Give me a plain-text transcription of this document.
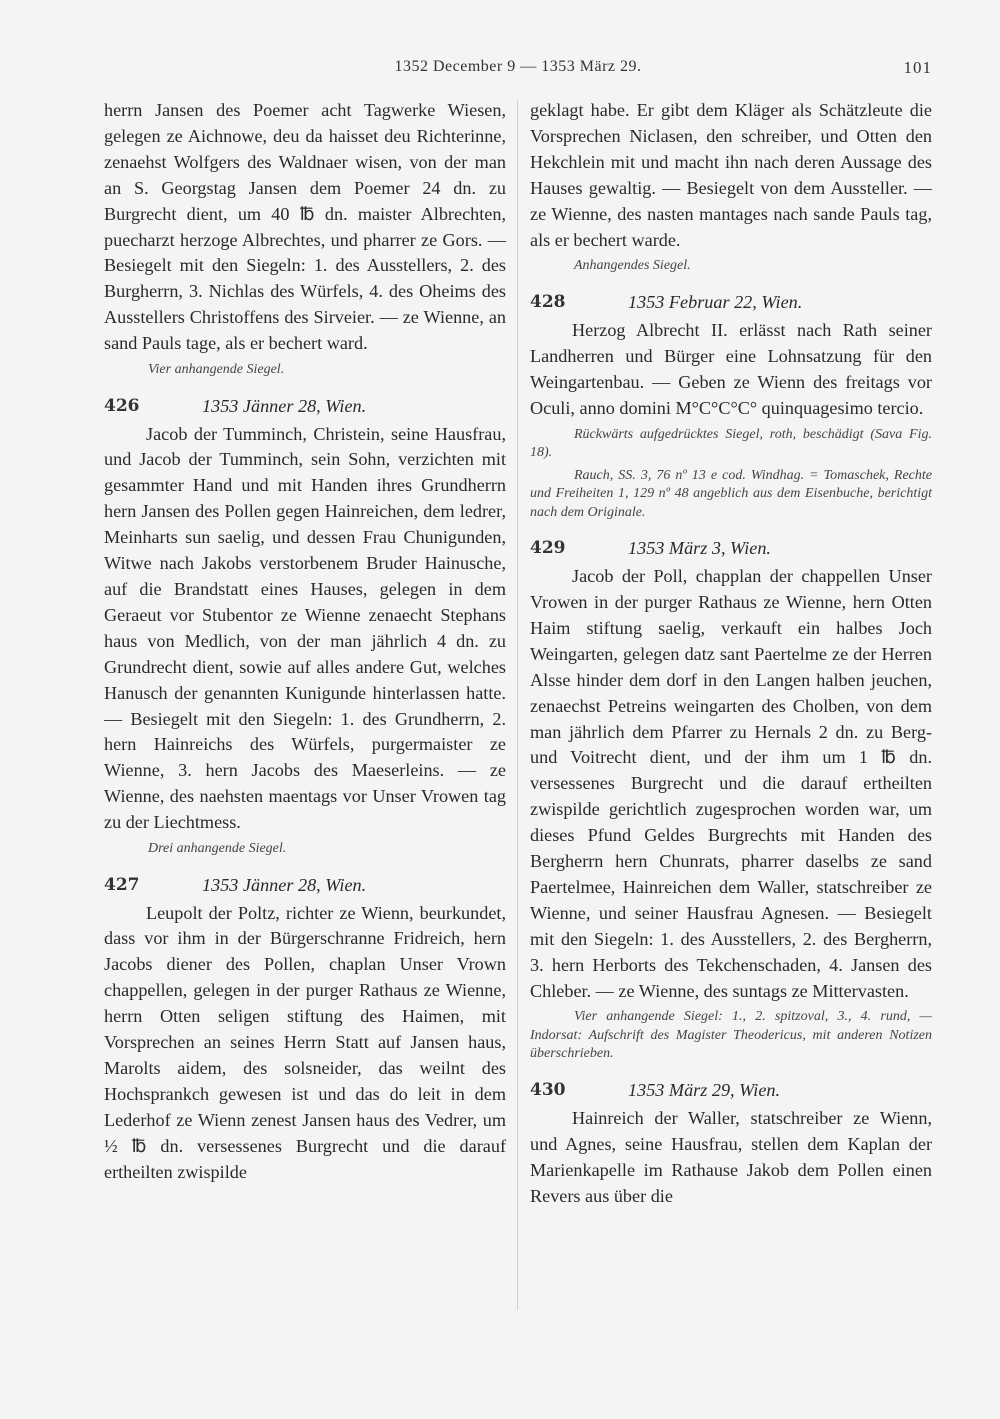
1352 December 9 — 1353 März 29.	101

herrn Jansen des Poemer acht Tagwerke Wiesen, gelegen ze Aichnowe, deu da haisset deu Richterinne, zenaehst Wolfgers des Waldnaer wisen, von der man an S. Georgstag Jansen dem Poemer 24 dn. zu Burgrecht dient, um 40 ℔ dn. maister Albrechten, puecharzt herzoge Albrechtes, und pharrer ze Gors. — Besiegelt mit den Siegeln: 1. des Ausstellers, 2. des Burgherrn, 3. Nichlas des Würfels, 4. des Oheims des Ausstellers Christoffens des Sirveier. — ze Wienne, an sand Pauls tage, als er bechert ward.

Vier anhangende Siegel.

426	1353 Jänner 28, Wien.

Jacob der Tumminch, Christein, seine Hausfrau, und Jacob der Tumminch, sein Sohn, verzichten mit gesammter Hand und mit Handen ihres Grundherrn hern Jansen des Pollen gegen Hainreichen, dem ledrer, Meinharts sun saelig, und dessen Frau Chunigunden, Witwe nach Jakobs verstorbenem Bruder Hainusche, auf die Brandstatt eines Hauses, gelegen in dem Geraeut vor Stubentor ze Wienne zenaecht Stephans haus von Medlich, von der man jährlich 4 dn. zu Grundrecht dient, sowie auf alles andere Gut, welches Hanusch der genannten Kunigunde hinterlassen hatte. — Besiegelt mit den Siegeln: 1. des Grundherrn, 2. hern Hainreichs des Würfels, purgermaister ze Wienne, 3. hern Jacobs des Maeserleins. — ze Wienne, des naehsten maentags vor Unser Vrowen tag zu der Liechtmess.

Drei anhangende Siegel.

427	1353 Jänner 28, Wien.

Leupolt der Poltz, richter ze Wienn, beurkundet, dass vor ihm in der Bürgerschranne Fridreich, hern Jacobs diener des Pollen, chaplan Unser Vrown chappellen, gelegen in der purger Rathaus ze Wienne, herrn Otten seligen stiftung des Haimen, mit Vorsprechen an seines Herrn Statt auf Jansen haus, Marolts aidem, des solsneider, das weilnt des Hochsprankch gewesen ist und das do leit in dem Lederhof ze Wienn zenest Jansen haus des Vedrer, um ½ ℔ dn. versessenes Burgrecht und die darauf ertheilten zwispilde

geklagt habe. Er gibt dem Kläger als Schätzleute die Vorsprechen Niclasen, den schreiber, und Otten den Hekchlein mit und macht ihn nach deren Aussage des Hauses gewaltig. — Besiegelt von dem Aussteller. — ze Wienne, des nasten mantages nach sande Pauls tag, als er bechert warde.

Anhangendes Siegel.

428	1353 Februar 22, Wien.

Herzog Albrecht II. erlässt nach Rath seiner Landherren und Bürger eine Lohnsatzung für den Weingartenbau. — Geben ze Wienn des freitags vor Oculi, anno domini M°C°C°C° quinquagesimo tercio.

Rückwärts aufgedrücktes Siegel, roth, beschädigt (Sava Fig. 18).

Rauch, SS. 3, 76 nº 13 e cod. Windhag. = Tomaschek, Rechte und Freiheiten 1, 129 nº 48 angeblich aus dem Eisenbuche, berichtigt nach dem Originale.

429	1353 März 3, Wien.

Jacob der Poll, chapplan der chappellen Unser Vrowen in der purger Rathaus ze Wienne, hern Otten Haim stiftung saelig, verkauft ein halbes Joch Weingarten, gelegen datz sant Paertelme ze der Herren Alsse hinder dem dorf in den Langen halben jeuchen, zenaechst Petreins weingarten des Cholben, von dem man jährlich dem Pfarrer zu Hernals 2 dn. zu Berg- und Voitrecht dient, und der ihm um 1 ℔ dn. versessenes Burgrecht und die darauf ertheilten zwispilde gerichtlich zugesprochen worden war, um dieses Pfund Geldes Burgrechts mit Handen des Bergherrn hern Chunrats, pharrer daselbs ze sand Paertelmee, Hainreichen dem Waller, statschreiber ze Wienne, und seiner Hausfrau Agnesen. — Besiegelt mit den Siegeln: 1. des Ausstellers, 2. des Bergherrn, 3. hern Herborts des Tekchenschaden, 4. Jansen des Chleber. — ze Wienne, des suntags ze Mittervasten.

Vier anhangende Siegel: 1., 2. spitzoval, 3., 4. rund, — Indorsat: Aufschrift des Magister Theodericus, mit anderen Notizen überschrieben.

430	1353 März 29, Wien.

Hainreich der Waller, statschreiber ze Wienn, und Agnes, seine Hausfrau, stellen dem Kaplan der Marienkapelle im Rathause Jakob dem Pollen einen Revers aus über die
